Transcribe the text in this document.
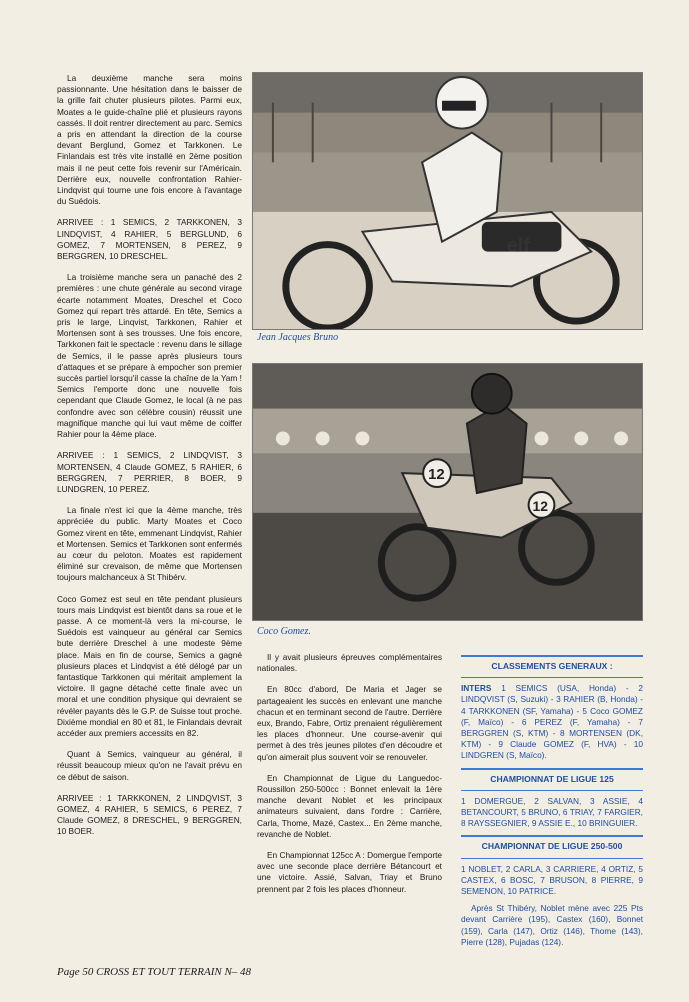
La deuxième manche sera moins passionnante. Une hésitation dans le baisser de la grille fait chuter plusieurs pilotes. Parmi eux, Moates a le guide-chaîne plié et plusieurs rayons cassés. Il doit rentrer directement au parc. Semics a pris en attendant la direction de la course devant Berglund, Gomez et Tarkkonen. Le Finlandais est très vite installé en 2ème position mais il ne peut cette fois revenir sur l'Américain. Derrière eux, nouvelle confrontation Rahier-Lindqvist qui tourne une fois encore à l'avantage du Suédois.

ARRIVEE : 1 SEMICS, 2 TARKKONEN, 3 LINDQVIST, 4 RAHIER, 5 BERGLUND, 6 GOMEZ, 7 MORTENSEN, 8 PEREZ, 9 BERGGREN, 10 DRESCHEL.

La troisième manche sera un panaché des 2 premières : une chute générale au second virage écarte notamment Moates, Dreschel et Coco Gomez qui repart très attardé. En tête, Semics a pris le large, Linqvist, Tarkkonen, Rahier et Mortensen sont à ses trousses. Une fois encore, Tarkkonen fait le spectacle : revenu dans le sillage de Semics, il le passe après plusieurs tours d'attaques et se prépare à empocher son premier succès partiel lorsqu'il casse la chaîne de la Yam ! Semics l'emporte donc une nouvelle fois cependant que Claude Gomez, le local (à ne pas confondre avec son célèbre cousin) réussit une magnifique manche qui lui vaut même de coiffer Rahier pour la 4ème place.

ARRIVEE : 1 SEMICS, 2 LINDQVIST, 3 MORTENSEN, 4 Claude GOMEZ, 5 RAHIER, 6 BERGGREN, 7 PERRIER, 8 BOER, 9 LUNDGREN, 10 PEREZ.

La finale n'est ici que la 4ème manche, très appréciée du public. Marty Moates et Coco Gomez virent en tête, emmenant Lindqvist, Rahier et Mortensen. Semics et Tarkkonen sont enfermés au cœur du peloton. Moates est rapidement éliminé sur crevaison, de même que Mortensen toujours malchanceux à St Thibérv.

Coco Gomez est seul en tête pendant plusieurs tours mais Lindqvist est bientôt dans sa roue et le passe. A ce moment-là vers la mi-course, le Suédois est vainqueur au général car Semics bute derrière Dreschel à une modeste 9ème place. Mais en fin de course, Semics a gagné plusieurs places et Lindqvist a été délogé par un fantastique Tarkkonen qui méritait amplement la victoire. Il gagne détaché cette finale avec un moral et une condition physique qui devraient se révéler payants dès le G.P. de Suisse tout proche. Dixième mondial en 80 et 81, le Finlandais devrait accéder aux premiers accessits en 82.

Quant à Semics, vainqueur au général, il réussit beaucoup mieux qu'on ne l'avait prévu en ce début de saison.

ARRIVEE : 1 TARKKONEN, 2 LINDQVIST, 3 GOMEZ, 4 RAHIER, 5 SEMICS, 6 PEREZ, 7 Claude GOMEZ, 8 DRESCHEL, 9 BERGGREN, 10 BOER.

elf
Jean Jacques Bruno
12
12
Coco Gomez.

Il y avait plusieurs épreuves complémentaires nationales.

En 80cc d'abord, De Maria et Jager se partageaient les succès en enlevant une manche chacun et en terminant second de l'autre. Derrière eux, Brando, Fabre, Ortiz prenaient régulièrement les places d'honneur. Une course-avenir qui permet à des très jeunes pilotes d'en découdre et qu'on aimerait plus souvent voir se renouveler.

En Championnat de Ligue du Languedoc-Roussillon 250-500cc : Bonnet enlevait la 1ère manche devant Noblet et les principaux animateurs suivaient, dans l'ordre : Carrière, Carla, Thome, Mazé, Castex... En 2ème manche, revanche de Noblet.

En Championnat 125cc A : Domergue l'emporte avec une seconde place derrière Bétancourt et une victoire. Assié, Salvan, Triay et Bruno prennent par 2 fois les places d'honneur.

CLASSEMENTS GENERAUX :
INTERS 1 SEMICS (USA, Honda) - 2 LINDQVIST (S, Suzuki) - 3 RAHIER (B, Honda) - 4 TARKKONEN (SF, Yamaha) - 5 Coco GOMEZ (F, Maïco) - 6 PEREZ (F, Yamaha) - 7 BERGGREN (S, KTM) - 8 MORTENSEN (DK, KTM) - 9 Claude GOMEZ (F, HVA) - 10 LINDGREN (S, Maïco).
CHAMPIONNAT DE LIGUE 125
1 DOMERGUE, 2 SALVAN, 3 ASSIE, 4 BETANCOURT, 5 BRUNO, 6 TRIAY, 7 FARGIER, 8 RAYSSEGNIER, 9 ASSIE E., 10 BRINGUIER.
CHAMPIONNAT DE LIGUE 250-500
1 NOBLET, 2 CARLA, 3 CARRIERE, 4 ORTIZ, 5 CASTEX, 6 BOSC, 7 BRUSON, 8 PIERRE, 9 SEMENON, 10 PATRICE.
Après St Thibéry, Noblet mène avec 225 Pts devant Carrière (195), Castex (160), Bonnet (159), Carla (147), Ortiz (146), Thome (143), Pierre (128), Pujadas (124).
Page 50 CROSS ET TOUT TERRAIN N– 48
